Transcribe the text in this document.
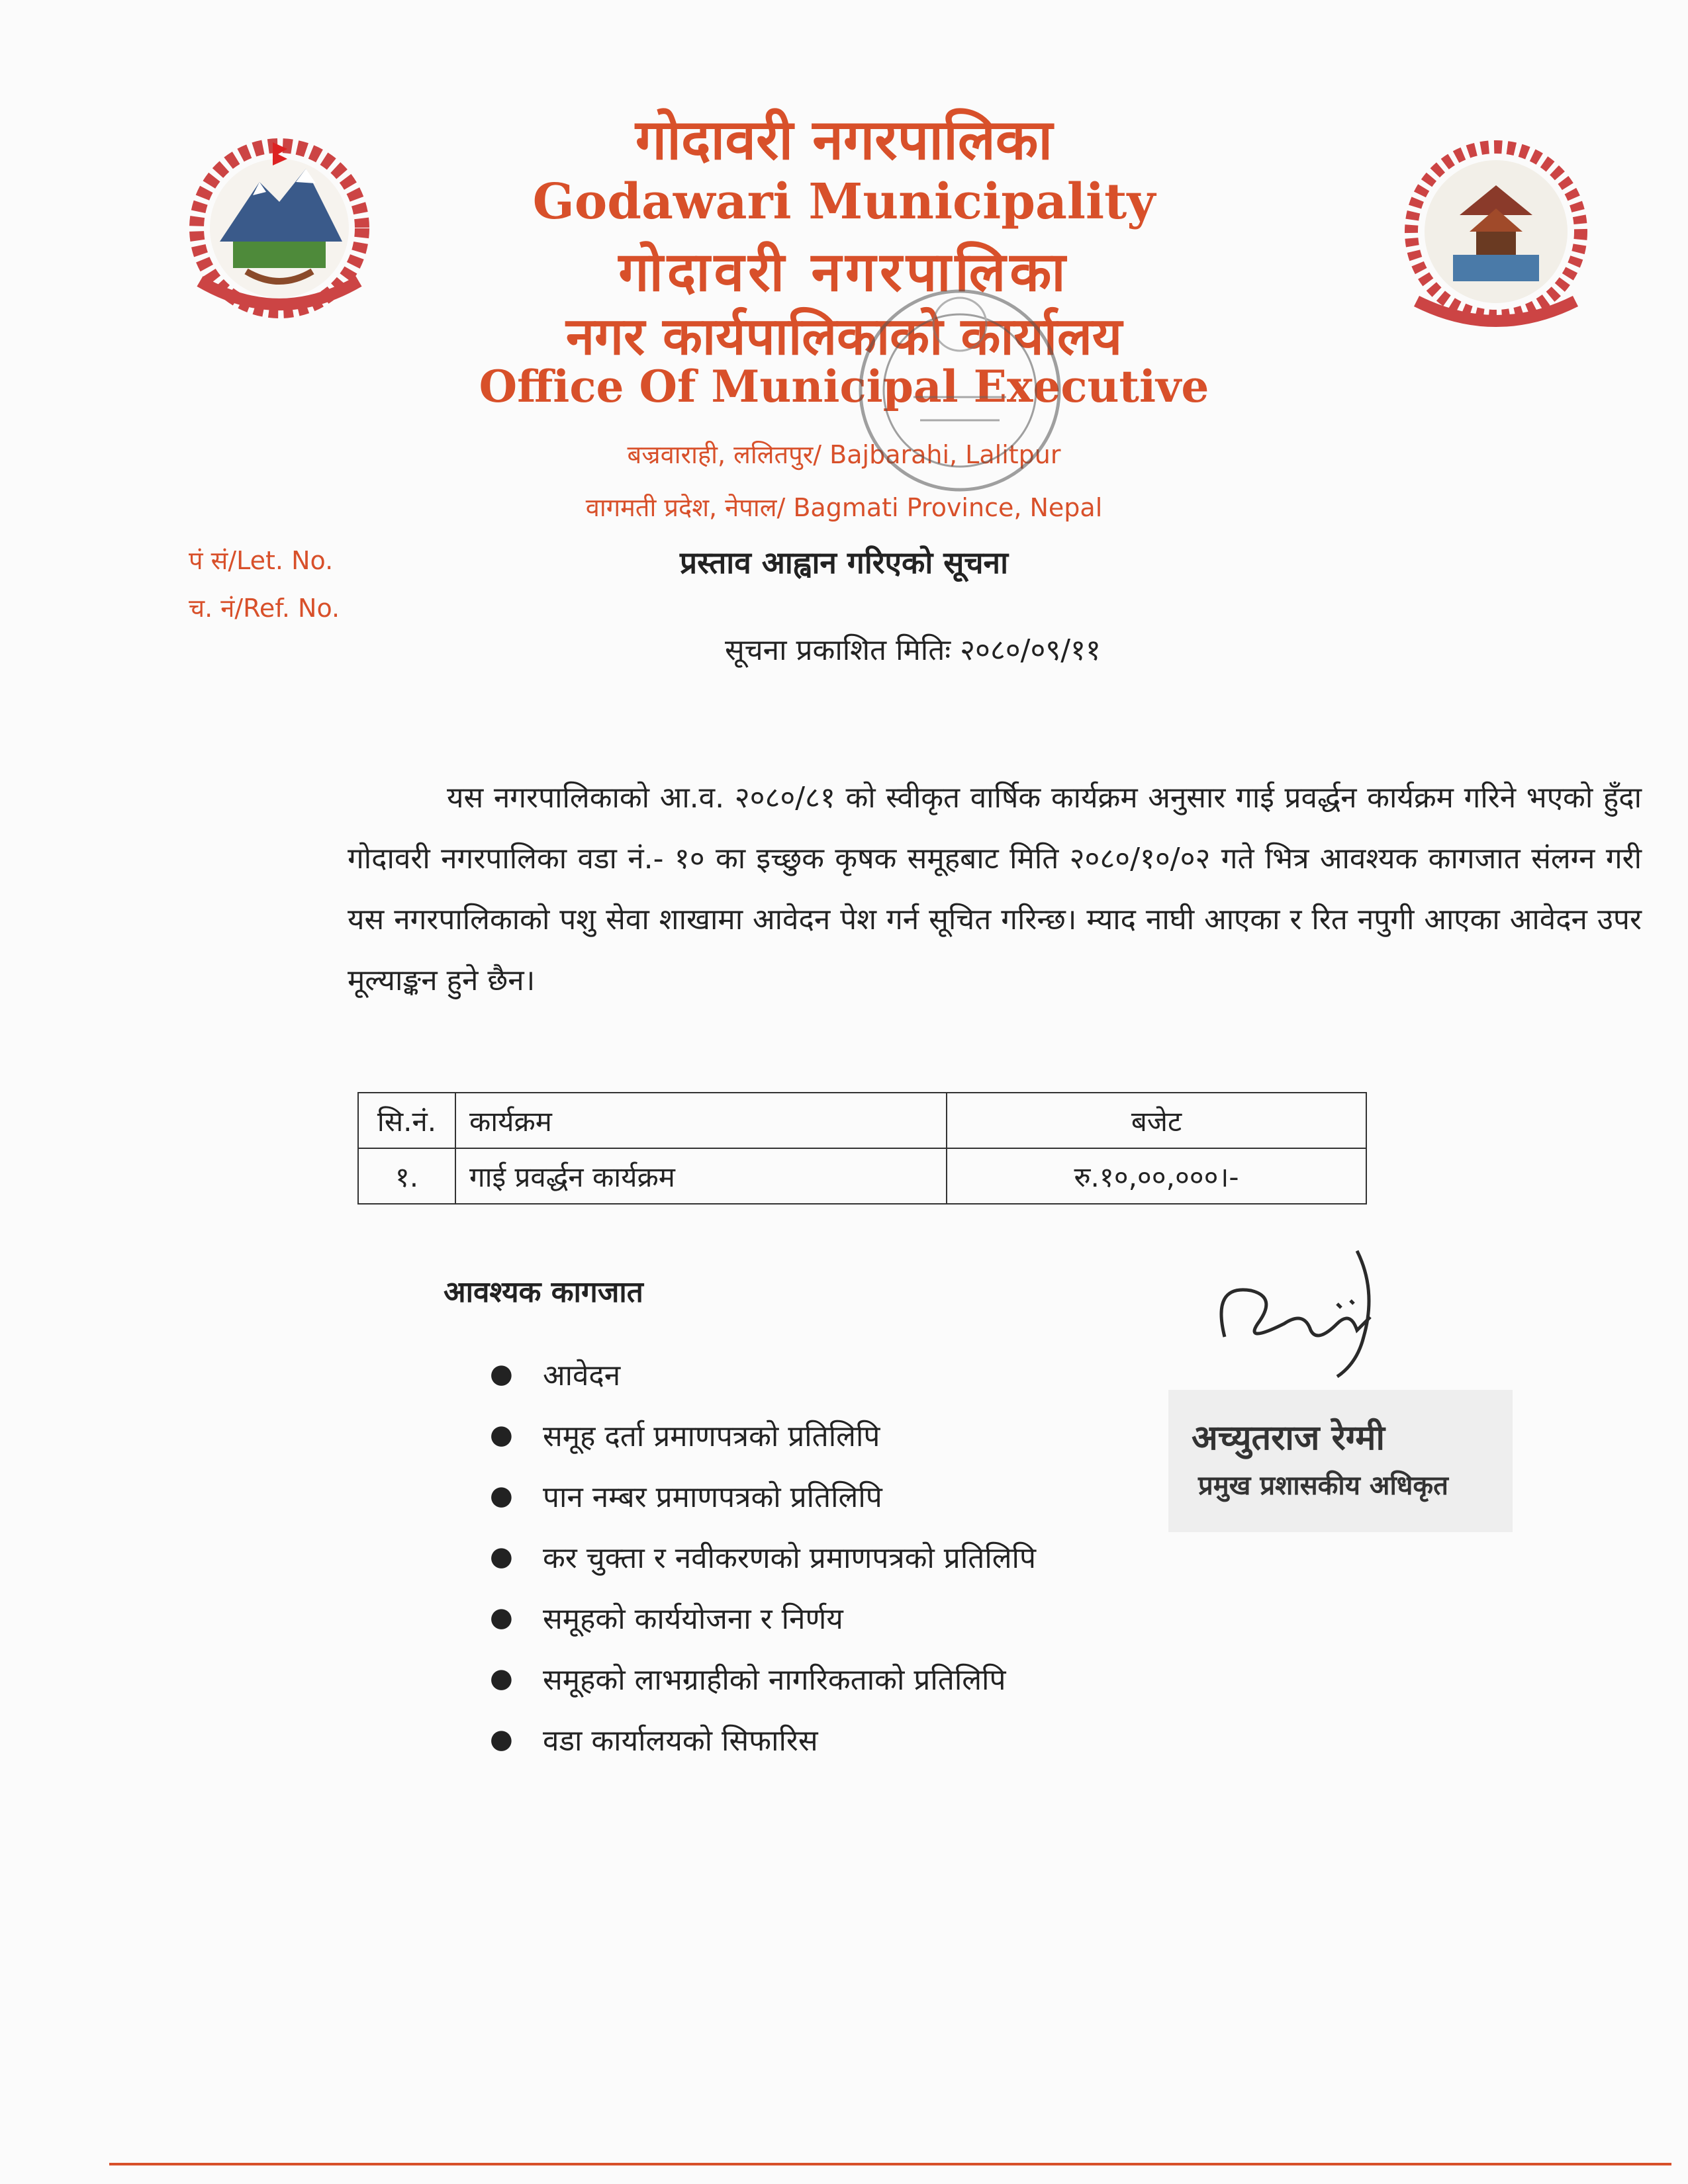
गोदावरी नगरपालिका
Godawari Municipality
गोदावरी नगरपालिका
नगर कार्यपालिकाको कार्यालय
Office Of Municipal Executive
बज्रवाराही, ललितपुर/ Bajbarahi, Lalitpur
वागमती प्रदेश, नेपाल/ Bagmati Province, Nepal
पं सं/Let. No.
च. नं/Ref. No.
प्रस्ताव आह्वान गरिएको सूचना
सूचना प्रकाशित मितिः २०८०/०९/११
यस नगरपालिकाको आ.व. २०८०/८१ को स्वीकृत वार्षिक कार्यक्रम अनुसार गाई प्रवर्द्धन कार्यक्रम गरिने भएको हुँदा गोदावरी नगरपालिका वडा नं.- १० का इच्छुक कृषक समूहबाट मिति २०८०/१०/०२ गते भित्र आवश्यक कागजात संलग्न गरी यस नगरपालिकाको पशु सेवा शाखामा आवेदन पेश गर्न सूचित गरिन्छ। म्याद नाघी आएका र रित नपुगी आएका आवेदन उपर मूल्याङ्कन हुने छैन।
सि.नं.	कार्यक्रम	बजेट
१.	गाई प्रवर्द्धन कार्यक्रम	रु.१०,००,०००।-
आवश्यक कागजात
●	आवेदन
●	समूह दर्ता प्रमाणपत्रको प्रतिलिपि
●	पान नम्बर प्रमाणपत्रको प्रतिलिपि
●	कर चुक्ता र नवीकरणको प्रमाणपत्रको प्रतिलिपि
●	समूहको कार्ययोजना र निर्णय
●	समूहको लाभग्राहीको नागरिकताको प्रतिलिपि
●	वडा कार्यालयको सिफारिस
अच्युतराज रेग्मी
प्रमुख प्रशासकीय अधिकृत
